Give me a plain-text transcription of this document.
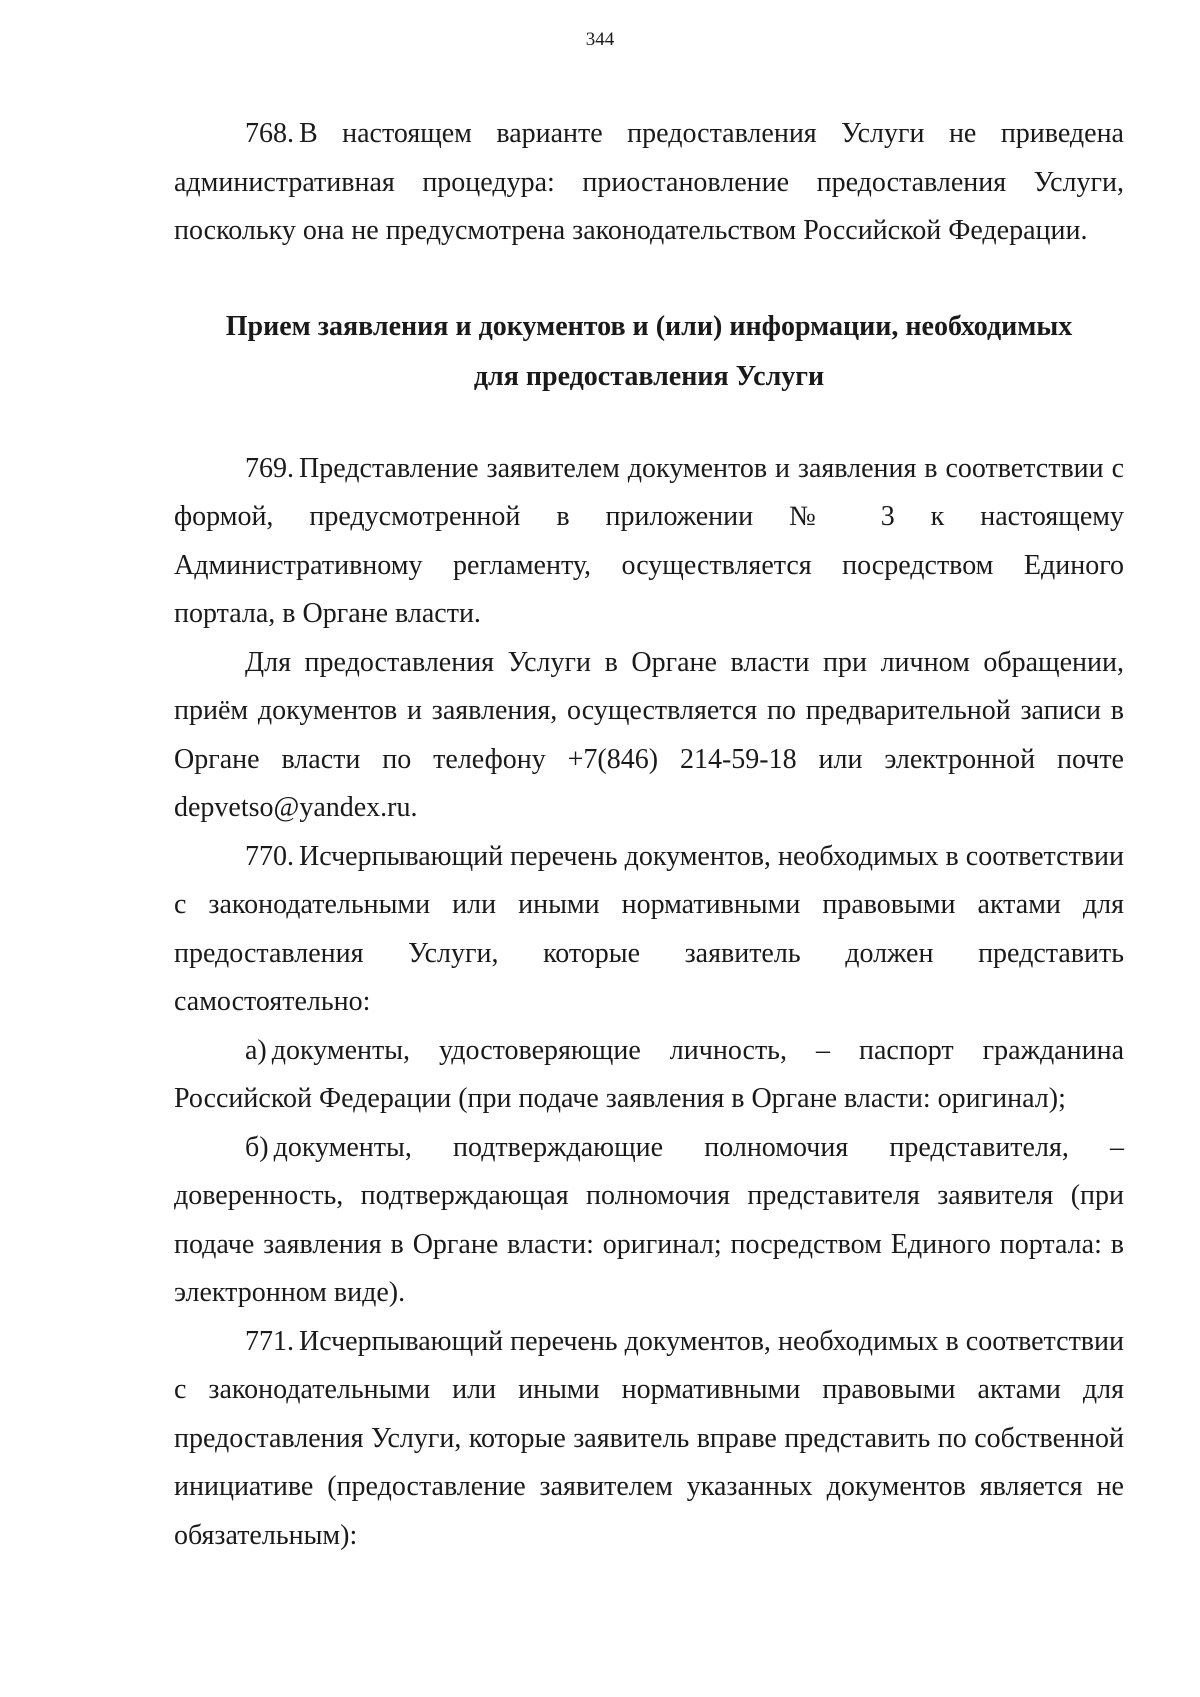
344

768. В настоящем варианте предоставления Услуги не приведена административная процедура: приостановление предоставления Услуги, поскольку она не предусмотрена законодательством Российской Федерации.

Прием заявления и документов и (или) информации, необходимых
для предоставления Услуги

769. Представление заявителем документов и заявления в соответствии с формой, предусмотренной в приложении № 3 к настоящему Административному регламенту, осуществляется посредством Единого портала, в Органе власти.

Для предоставления Услуги в Органе власти при личном обращении, приём документов и заявления, осуществляется по предварительной записи в Органе власти по телефону +7(846) 214-59-18 или электронной почте depvetso@yandex.ru.

770. Исчерпывающий перечень документов, необходимых в соответствии с законодательными или иными нормативными правовыми актами для предоставления Услуги, которые заявитель должен представить самостоятельно:

а) документы, удостоверяющие личность, – паспорт гражданина Российской Федерации (при подаче заявления в Органе власти: оригинал);

б) документы, подтверждающие полномочия представителя, – доверенность, подтверждающая полномочия представителя заявителя (при подаче заявления в Органе власти: оригинал; посредством Единого портала: в электронном виде).

771. Исчерпывающий перечень документов, необходимых в соответствии с законодательными или иными нормативными правовыми актами для предоставления Услуги, которые заявитель вправе представить по собственной инициативе (предоставление заявителем указанных документов является не обязательным):
